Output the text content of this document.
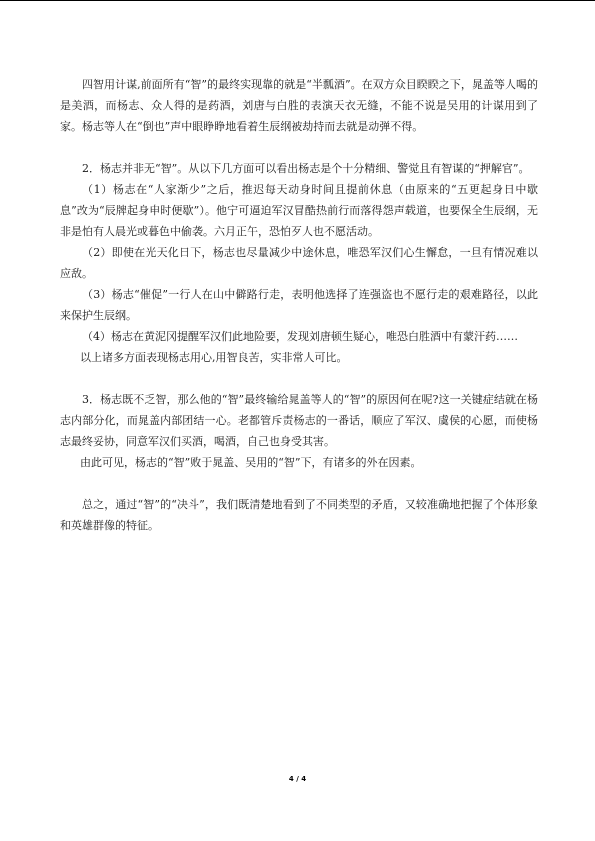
四智用计谋,前面所有“智”的最终实现靠的就是“半瓢酒”。在双方众目睽睽之下，晁盖等人喝的是美酒，而杨志、众人得的是药酒，刘唐与白胜的表演天衣无缝，不能不说是吴用的计谋用到了家。杨志等人在“倒也”声中眼睁睁地看着生辰纲被劫持而去就是动弹不得。

2．杨志并非无“智”。从以下几方面可以看出杨志是个十分精细、警觉且有智谋的“押解官”。

（1）杨志在“人家渐少”之后，推迟每天动身时间且提前休息（由原来的“五更起身日中歇息”改为“辰牌起身申时便歇”）。他宁可逼迫军汉冒酷热前行而落得怨声载道，也要保全生辰纲，无非是怕有人晨光或暮色中偷袭。六月正午，恐怕歹人也不愿活动。

（2）即使在光天化日下，杨志也尽量减少中途休息，唯恐军汉们心生懈怠，一旦有情况难以应敌。

（3）杨志“催促”一行人在山中僻路行走，表明他选择了连强盗也不愿行走的艰难路径，以此来保护生辰纲。

（4）杨志在黄泥冈提醒军汉们此地险要，发现刘唐顿生疑心，唯恐白胜酒中有蒙汗药……

以上诸多方面表现杨志用心,用智良苦，实非常人可比。

3．杨志既不乏智，那么他的“智”最终输给晁盖等人的“智”的原因何在呢?这一关键症结就在杨志内部分化，而晁盖内部团结一心。老都管斥责杨志的一番话，顺应了军汉、虞侯的心愿，而使杨志最终妥协，同意军汉们买酒，喝酒，自己也身受其害。

由此可见，杨志的“智”败于晁盖、吴用的“智”下，有诸多的外在因素。

总之，通过“智”的“决斗”，我们既清楚地看到了不同类型的矛盾，又较准确地把握了个体形象和英雄群像的特征。

4 / 4
